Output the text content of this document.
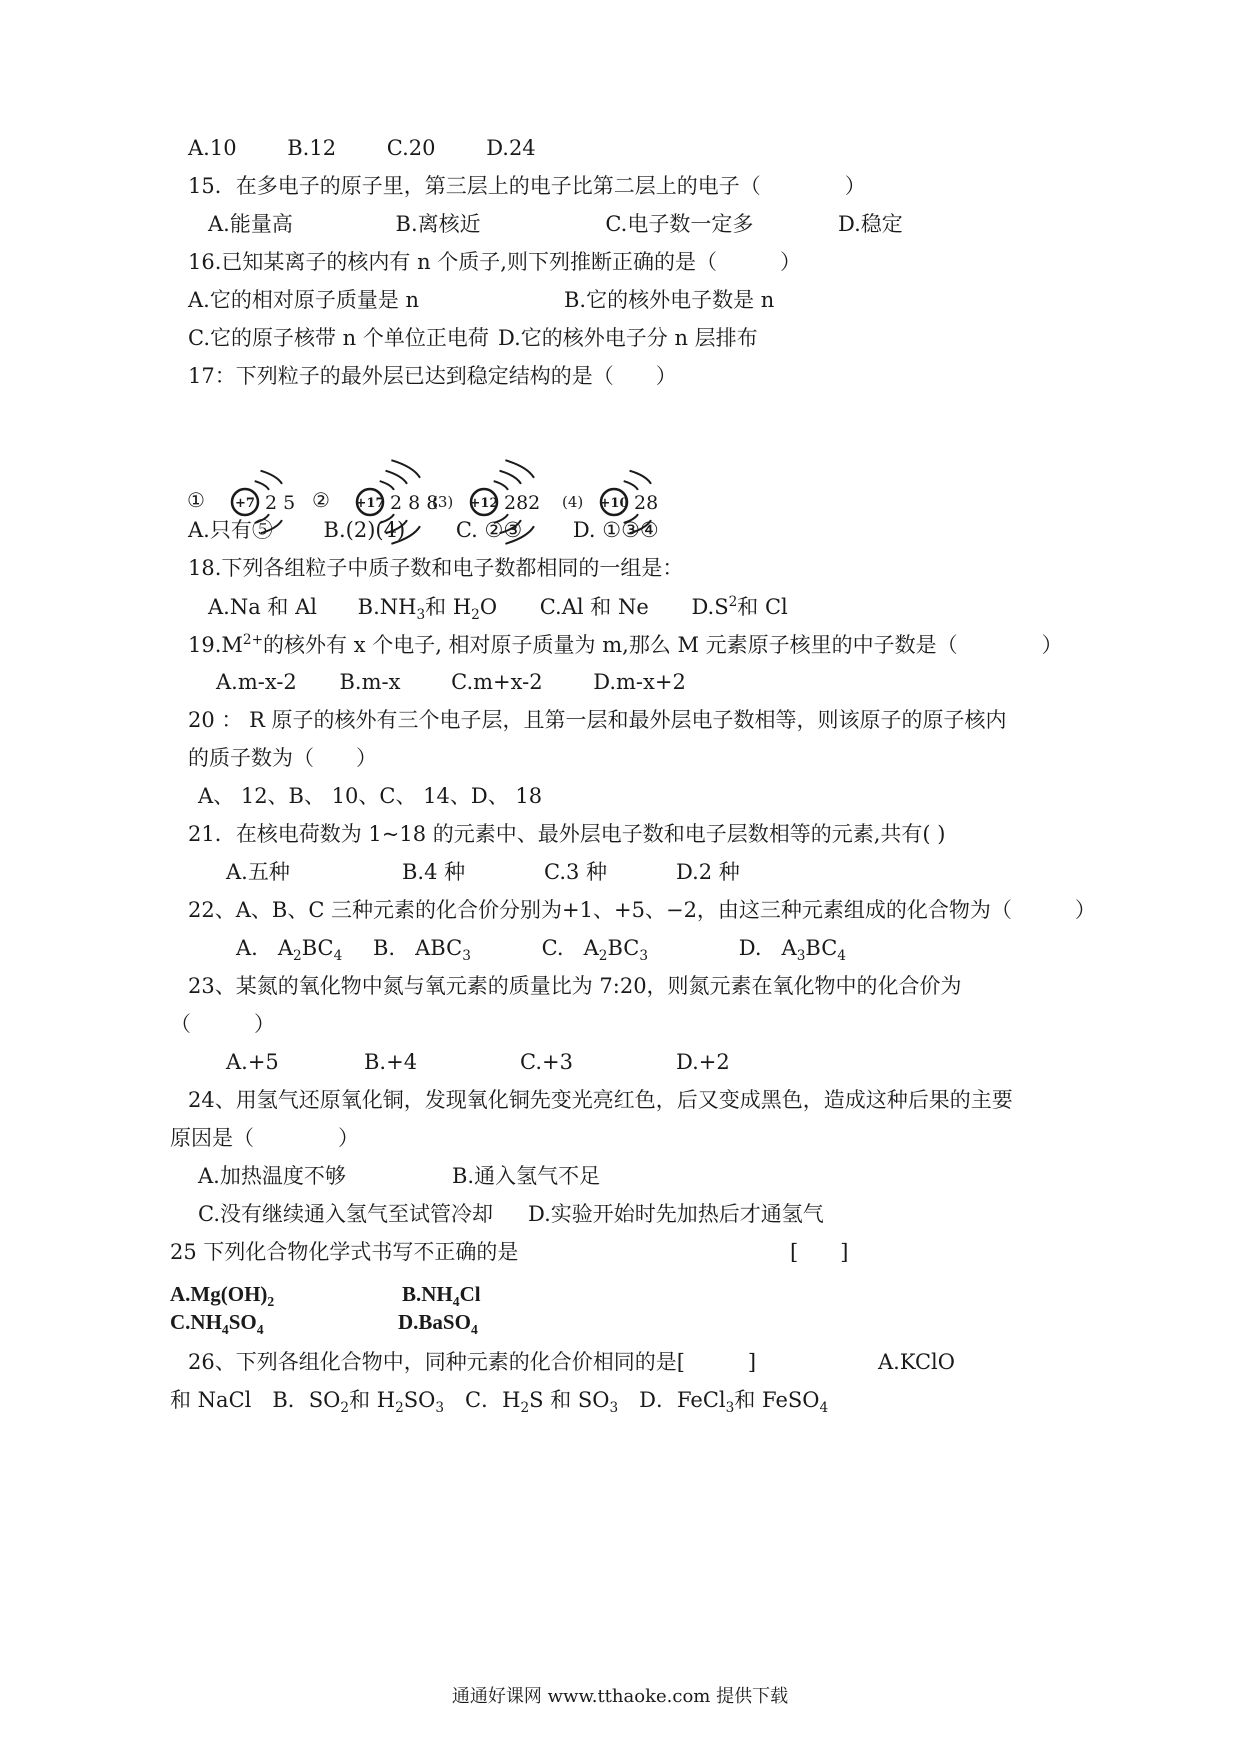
A.10 B.12 C.20 D.24
15．在多电子的原子里，第三层上的电子比第二层上的电子（　　　　）
A.能量高	B.离核近	C.电子数一定多	D.稳定
16.已知某离子的核内有 n 个质子,则下列推断正确的是（　　　）
A.它的相对原子质量是 n	B.它的核外电子数是 n
C.它的原子核带 n 个单位正电荷 D.它的核外电子分 n 层排布
17：下列粒子的最外层已达到稳定结构的是（　　）
① +7 2 5 ② +17 2 8 8
(3) +12 282 (4) +10 28
A.只有⑤ B.(2)(4) C. ②③ D. ①③④
18.下列各组粒子中质子数和电子数都相同的一组是：
A.Na 和 Al $B.NH_3$和 $H_2O$ C.Al 和 Ne $D.S^2$和 Cl
$19.M^{2+}$的核外有 x 个电子, 相对原子质量为 m,那么 M 元素原子核里的中子数是（　　　　）
A.m-x-2 B.m-x C.m+x-2 D.m-x+2
20 ： R 原子的核外有三个电子层，且第一层和最外层电子数相等，则该原子的原子核内
的质子数为（　　）
A、 12、B、 10、C、 14、D、 18
21．在核电荷数为 1~18 的元素中、最外层电子数和电子层数相等的元素,共有( )
A.五种	B.4 种	C.3 种	D.2 种
22、A、B、C 三种元素的化合价分别为+1、+5、−2，由这三种元素组成的化合物为（　　　）
A. $A_2BC_4$ B. $ABC_3$	C. $A_2BC_3$	D. $A_3BC_4$
23、某氮的氧化物中氮与氧元素的质量比为 7:20，则氮元素在氧化物中的化合价为
（　　　）
A.+5	B.+4	C.+3	D.+2
24、用氢气还原氧化铜，发现氧化铜先变光亮红色，后又变成黑色，造成这种后果的主要
原因是（　　　　）
A.加热温度不够	B.通入氢气不足
C.没有继续通入氢气至试管冷却 D.实验开始时先加热后才通氢气
25 下列化合物化学式书写不正确的是	[　　]
$A.Mg(OH)_2$	$B.NH_4Cl$
$C.NH_4SO_4$	D.BaSO$_4$
26、下列各组化合物中，同种元素的化合价相同的是[　　　]	A.KClO
和 NaCl　B．$SO_2$和 $H_2SO_3$　C．$H_2S$ 和 $SO_3$　D．FeCl$_3$和 FeSO$_4$
通通好课网 www.tthaoke.com 提供下载
